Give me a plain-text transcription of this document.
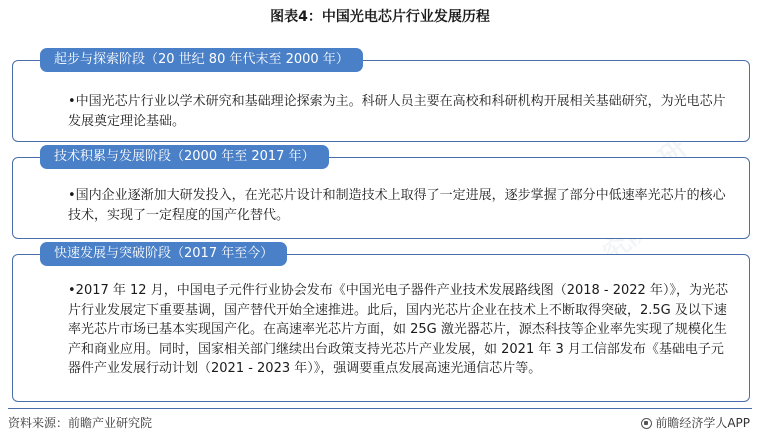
图表4：中国光电芯片行业发展历程
前瞻产业研究院
起步与探索阶段（20 世纪 80 年代末至 2000 年）
•中国光芯片行业以学术研究和基础理论探索为主。科研人员主要在高校和科研机构开展相关基础研究，为光电芯片发展奠定理论基础。
技术积累与发展阶段（2000 年至 2017 年）
•国内企业逐渐加大研发投入，在光芯片设计和制造技术上取得了一定进展，逐步掌握了部分中低速率光芯片的核心技术，实现了一定程度的国产化替代。
快速发展与突破阶段（2017 年至今）
•2017 年 12 月，中国电子元件行业协会发布《中国光电子器件产业技术发展路线图（2018 - 2022 年）》，为光芯片行业发展定下重要基调，国产替代开始全速推进。此后，国内光芯片企业在技术上不断取得突破，2.5G 及以下速率光芯片市场已基本实现国产化。在高速率光芯片方面，如 25G 激光器芯片，源杰科技等企业率先实现了规模化生产和商业应用。同时，国家相关部门继续出台政策支持光芯片产业发展，如 2021 年 3 月工信部发布《基础电子元器件产业发展行动计划（2021 - 2023 年）》，强调要重点发展高速光通信芯片等。
资料来源：前瞻产业研究院	前瞻经济学人APP
